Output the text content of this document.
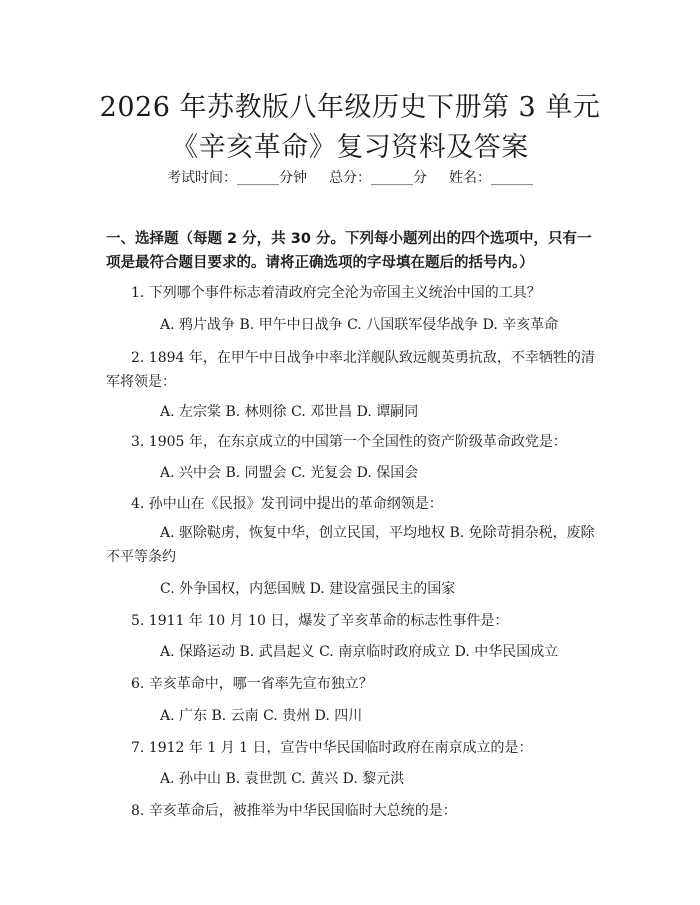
2026 年苏教版八年级历史下册第 3 单元《辛亥革命》复习资料及答案
考试时间：______分钟 总分：______分 姓名：______
一、选择题（每题 2 分，共 30 分。下列每小题列出的四个选项中，只有一项是最符合题目要求的。请将正确选项的字母填在题后的括号内。）
1. 下列哪个事件标志着清政府完全沦为帝国主义统治中国的工具？
A. 鸦片战争 B. 甲午中日战争 C. 八国联军侵华战争 D. 辛亥革命
2. 1894 年，在甲午中日战争中率北洋舰队致远舰英勇抗敌，不幸牺牲的清军将领是：
A. 左宗棠 B. 林则徐 C. 邓世昌 D. 谭嗣同
3. 1905 年，在东京成立的中国第一个全国性的资产阶级革命政党是：
A. 兴中会 B. 同盟会 C. 光复会 D. 保国会
4. 孙中山在《民报》发刊词中提出的革命纲领是：
A. 驱除鞑虏，恢复中华，创立民国，平均地权 B. 免除苛捐杂税，废除不平等条约
C. 外争国权，内惩国贼 D. 建设富强民主的国家
5. 1911 年 10 月 10 日，爆发了辛亥革命的标志性事件是：
A. 保路运动 B. 武昌起义 C. 南京临时政府成立 D. 中华民国成立
6. 辛亥革命中，哪一省率先宣布独立？
A. 广东 B. 云南 C. 贵州 D. 四川
7. 1912 年 1 月 1 日，宣告中华民国临时政府在南京成立的是：
A. 孙中山 B. 袁世凯 C. 黄兴 D. 黎元洪
8. 辛亥革命后，被推举为中华民国临时大总统的是：
